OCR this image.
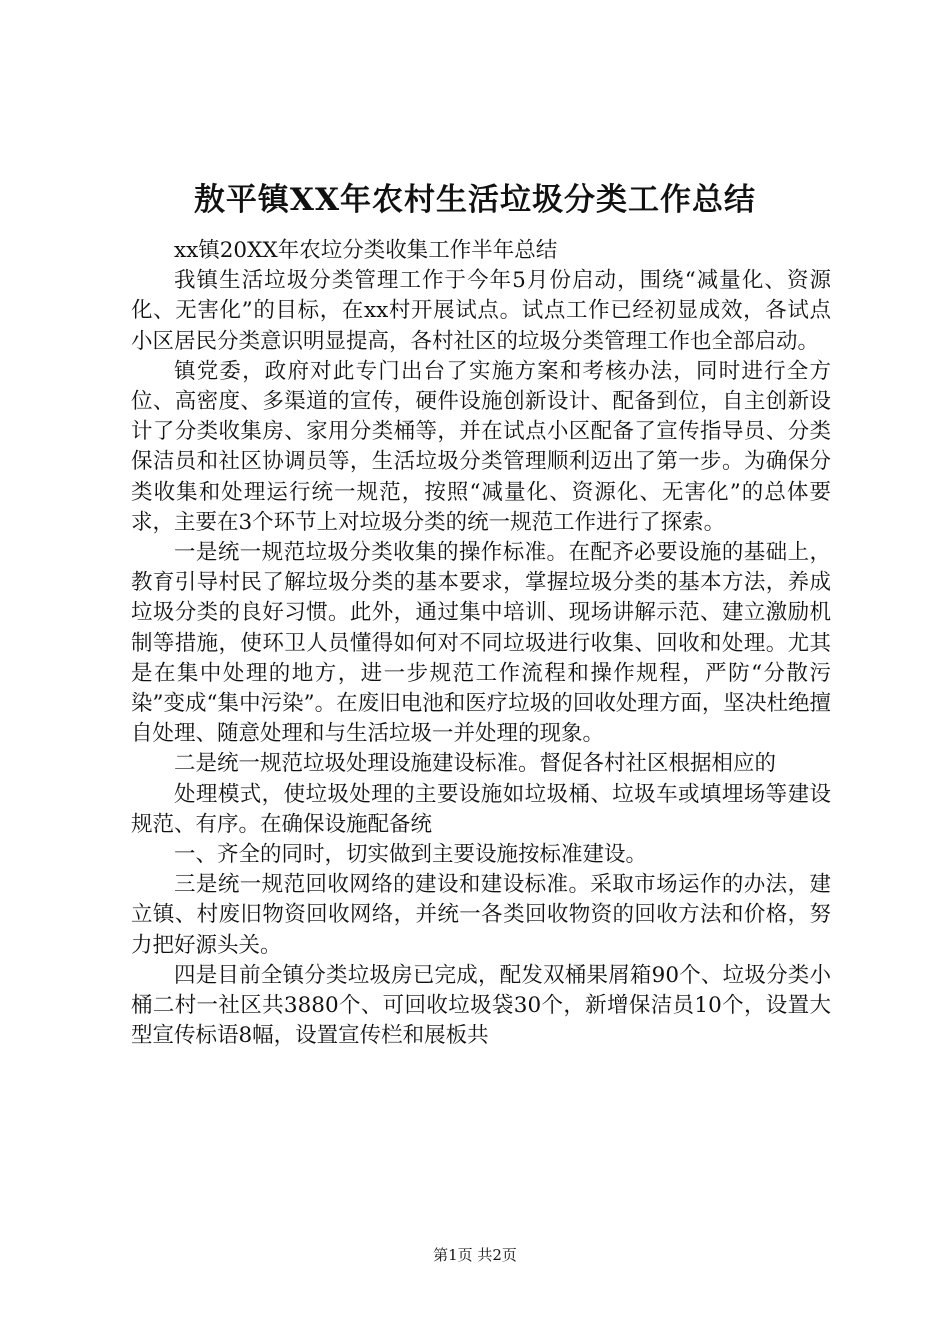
敖平镇XX年农村生活垃圾分类工作总结

xx镇20XX年农垃分类收集工作半年总结

我镇生活垃圾分类管理工作于今年5月份启动，围绕“减量化、资源化、无害化”的目标，在xx村开展试点。试点工作已经初显成效，各试点小区居民分类意识明显提高，各村社区的垃圾分类管理工作也全部启动。

镇党委，政府对此专门出台了实施方案和考核办法，同时进行全方位、高密度、多渠道的宣传，硬件设施创新设计、配备到位，自主创新设计了分类收集房、家用分类桶等，并在试点小区配备了宣传指导员、分类保洁员和社区协调员等，生活垃圾分类管理顺利迈出了第一步。为确保分类收集和处理运行统一规范，按照“减量化、资源化、无害化”的总体要求，主要在3个环节上对垃圾分类的统一规范工作进行了探索。

一是统一规范垃圾分类收集的操作标准。在配齐必要设施的基础上，教育引导村民了解垃圾分类的基本要求，掌握垃圾分类的基本方法，养成垃圾分类的良好习惯。此外，通过集中培训、现场讲解示范、建立激励机制等措施，使环卫人员懂得如何对不同垃圾进行收集、回收和处理。尤其是在集中处理的地方，进一步规范工作流程和操作规程，严防“分散污染”变成“集中污染”。在废旧电池和医疗垃圾的回收处理方面，坚决杜绝擅自处理、随意处理和与生活垃圾一并处理的现象。

二是统一规范垃圾处理设施建设标准。督促各村社区根据相应的

处理模式，使垃圾处理的主要设施如垃圾桶、垃圾车或填埋场等建设规范、有序。在确保设施配备统

一、齐全的同时，切实做到主要设施按标准建设。

三是统一规范回收网络的建设和建设标准。采取市场运作的办法，建立镇、村废旧物资回收网络，并统一各类回收物资的回收方法和价格，努力把好源头关。

四是目前全镇分类垃圾房已完成，配发双桶果屑箱90个、垃圾分类小桶二村一社区共3880个、可回收垃圾袋30个，新增保洁员10个，设置大型宣传标语8幅，设置宣传栏和展板共

第1页 共2页
